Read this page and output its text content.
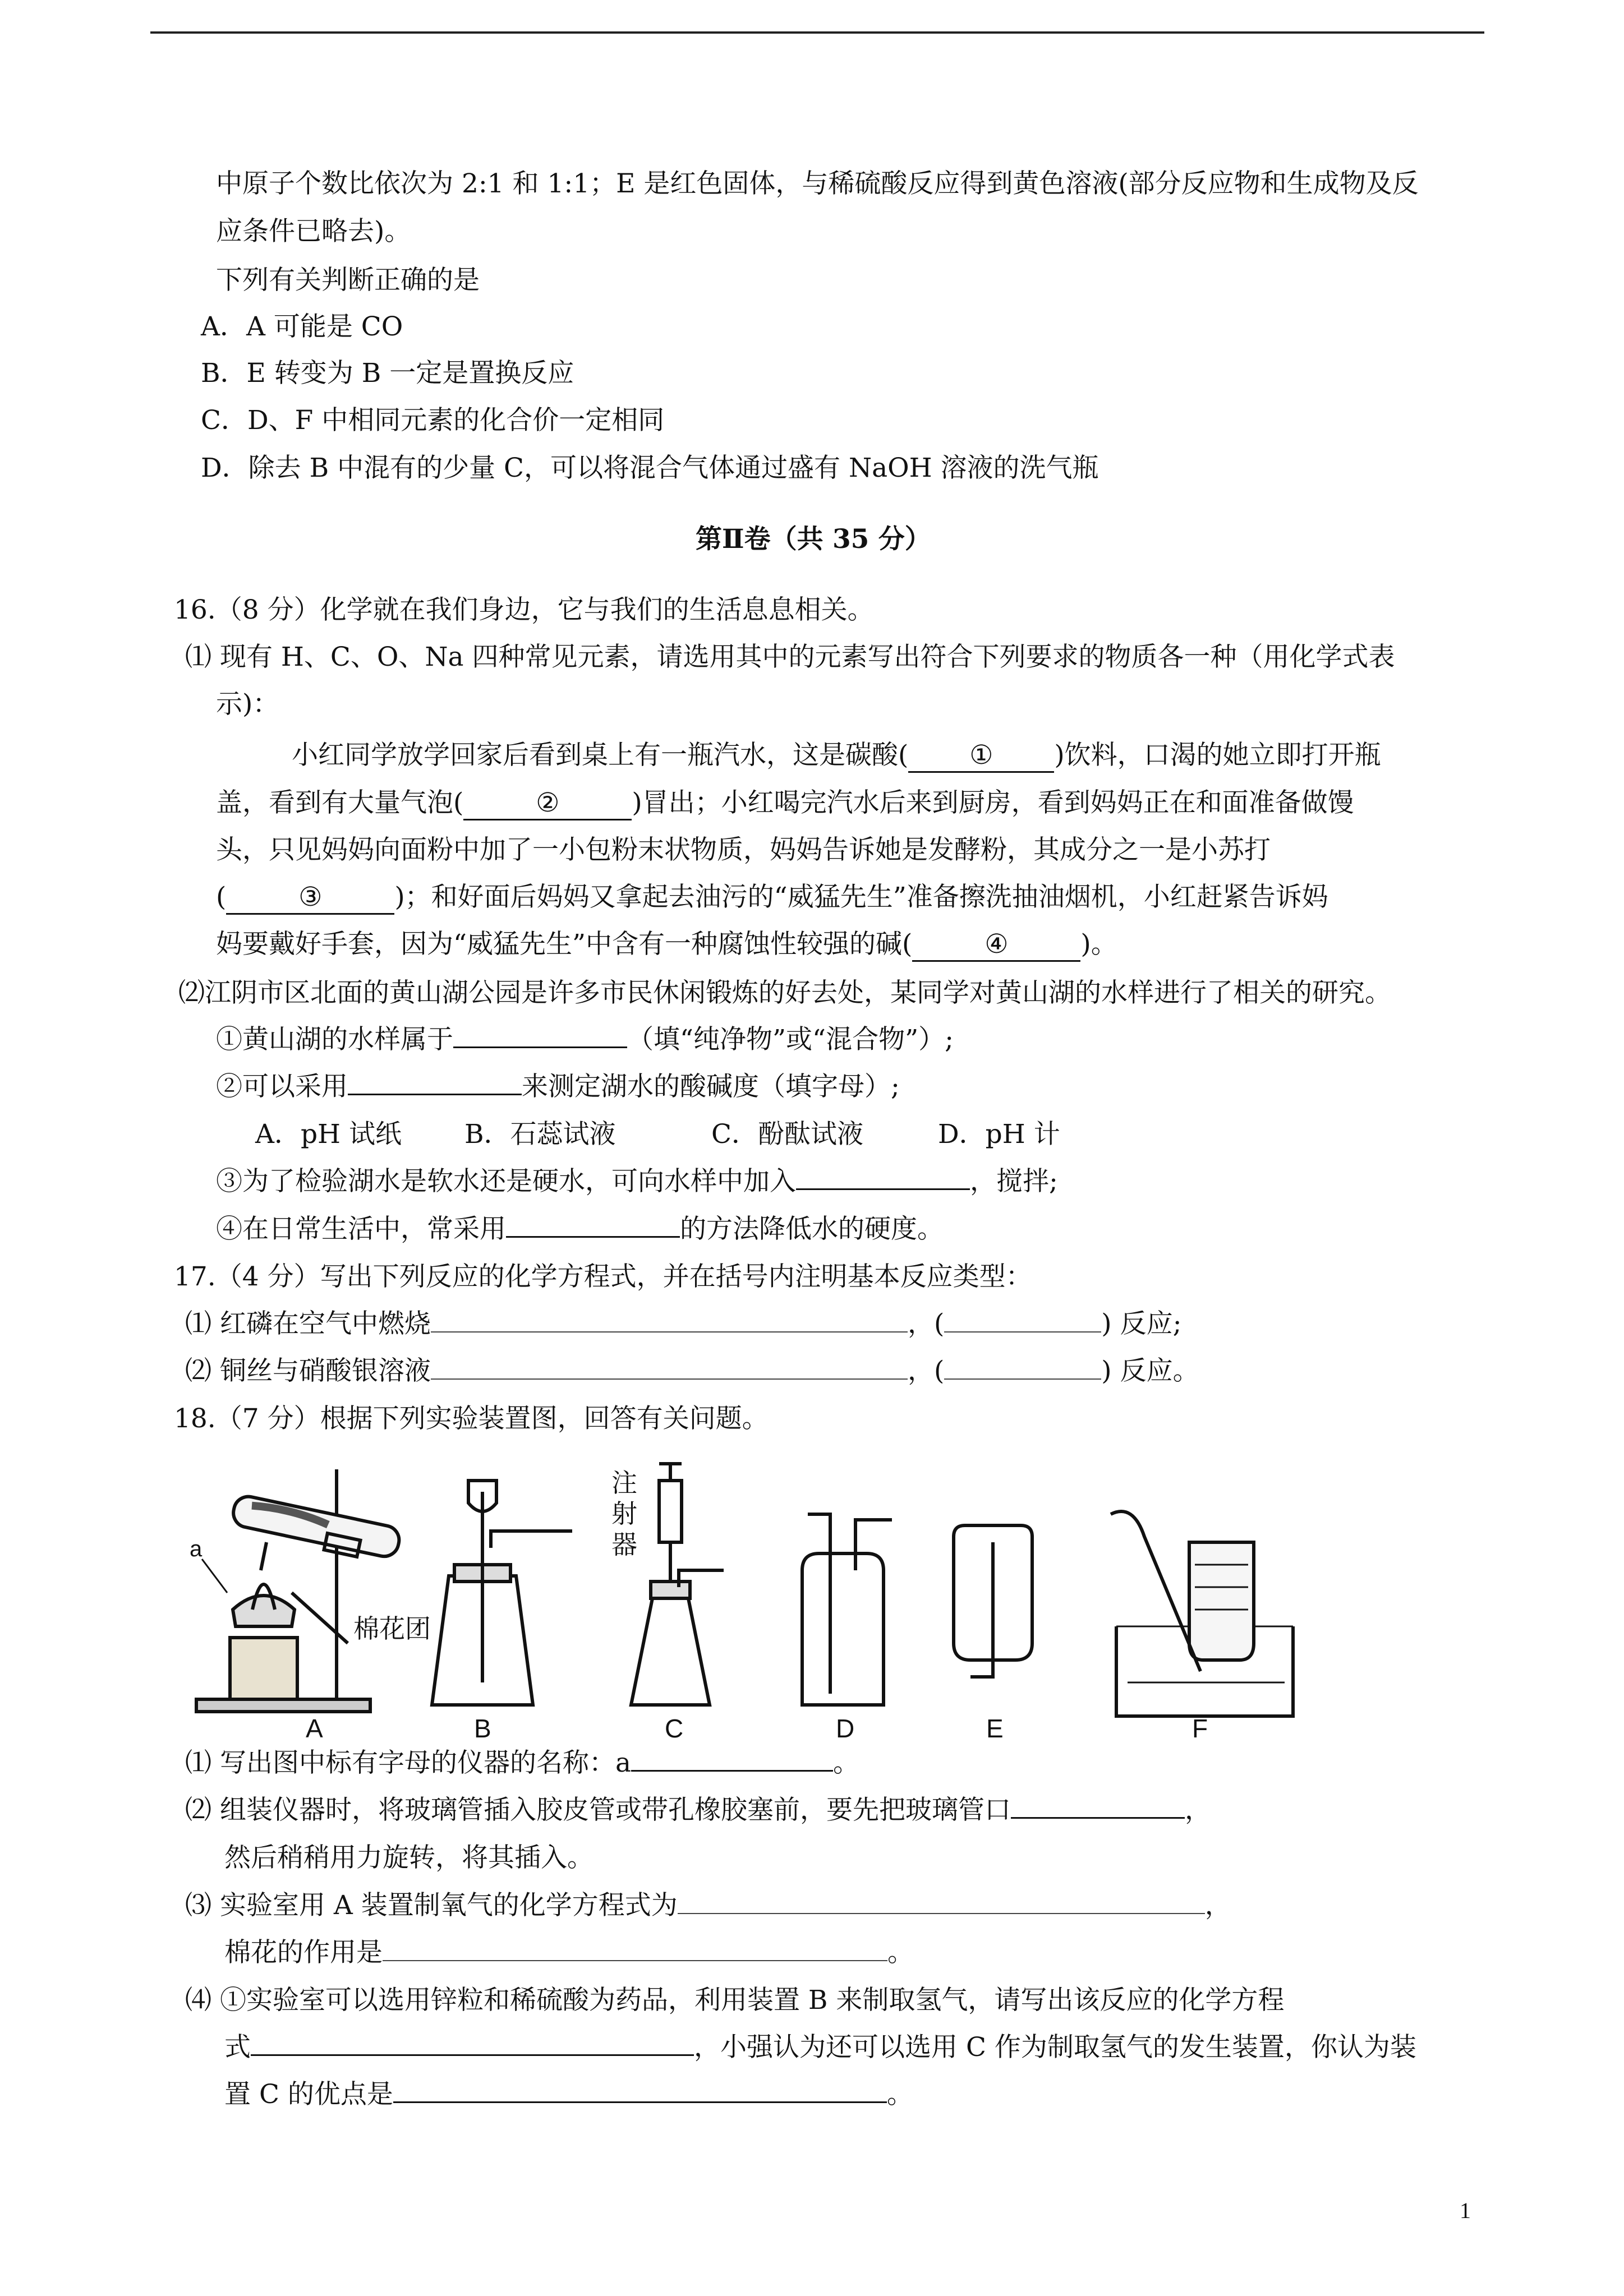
中原子个数比依次为 2:1 和 1:1；E 是红色固体，与稀硫酸反应得到黄色溶液(部分反应物和生成物及反
应条件已略去)。
下列有关判断正确的是
A．A 可能是 CO
B．E 转变为 B 一定是置换反应
C．D、F 中相同元素的化合价一定相同
D．除去 B 中混有的少量 C，可以将混合气体通过盛有 NaOH 溶液的洗气瓶
第Ⅱ卷（共 35 分）
16.（8 分）化学就在我们身边，它与我们的生活息息相关。
⑴ 现有 H、C、O、Na 四种常见元素，请选用其中的元素写出符合下列要求的物质各一种（用化学式表
示)：
小红同学放学回家后看到桌上有一瓶汽水，这是碳酸( ① )饮料，口渴的她立即打开瓶
盖，看到有大量气泡(	②	)冒出；小红喝完汽水后来到厨房，看到妈妈正在和面准备做馒
头，只见妈妈向面粉中加了一小包粉末状物质，妈妈告诉她是发酵粉，其成分之一是小苏打
(	③	)；和好面后妈妈又拿起去油污的“威猛先生”准备擦洗抽油烟机，小红赶紧告诉妈
妈要戴好手套，因为“威猛先生”中含有一种腐蚀性较强的碱(	④	)。
⑵江阴市区北面的黄山湖公园是许多市民休闲锻炼的好去处，某同学对黄山湖的水样进行了相关的研究。
①黄山湖的水样属于	（填“纯净物”或“混合物”）;
②可以采用	来测定湖水的酸碱度（填字母）;
A．pH 试纸 B．石蕊试液	C．酚酞试液	D．pH 计
③为了检验湖水是软水还是硬水，可向水样中加入	，搅拌;
④在日常生活中，常采用	的方法降低水的硬度。
17.（4 分）写出下列反应的化学方程式，并在括号内注明基本反应类型：
⑴ 红磷在空气中燃烧	，(	) 反应;
⑵ 铜丝与硝酸银溶液	，(	) 反应。
18.（7 分）根据下列实验装置图，回答有关问题。
a
棉花团
注
射
器
A	B	C	D	E	F
⑴ 写出图中标有字母的仪器的名称：a	。
⑵ 组装仪器时，将玻璃管插入胶皮管或带孔橡胶塞前，要先把玻璃管口	，
然后稍稍用力旋转，将其插入。
⑶ 实验室用 A 装置制氧气的化学方程式为	，
棉花的作用是	。
⑷ ①实验室可以选用锌粒和稀硫酸为药品，利用装置 B 来制取氢气，请写出该反应的化学方程
式	，小强认为还可以选用 C 作为制取氢气的发生装置，你认为装
置 C 的优点是	。
1
